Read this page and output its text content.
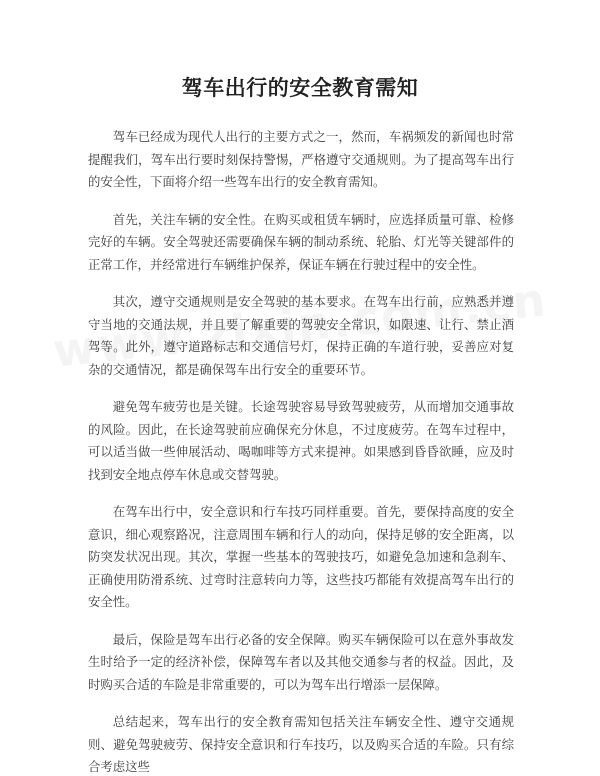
驾车出行的安全教育需知

驾车已经成为现代人出行的主要方式之一，然而，车祸频发的新闻也时常提醒我们，驾车出行要时刻保持警惕，严格遵守交通规则。为了提高驾车出行的安全性，下面将介绍一些驾车出行的安全教育需知。

首先，关注车辆的安全性。在购买或租赁车辆时，应选择质量可靠、检修完好的车辆。安全驾驶还需要确保车辆的制动系统、轮胎、灯光等关键部件的正常工作，并经常进行车辆维护保养，保证车辆在行驶过程中的安全性。

其次，遵守交通规则是安全驾驶的基本要求。在驾车出行前，应熟悉并遵守当地的交通法规，并且要了解重要的驾驶安全常识，如限速、让行、禁止酒驾等。此外，遵守道路标志和交通信号灯，保持正确的车道行驶，妥善应对复杂的交通情况，都是确保驾车出行安全的重要环节。

避免驾车疲劳也是关键。长途驾驶容易导致驾驶疲劳，从而增加交通事故的风险。因此，在长途驾驶前应确保充分休息，不过度疲劳。在驾车过程中，可以适当做一些伸展活动、喝咖啡等方式来提神。如果感到昏昏欲睡，应及时找到安全地点停车休息或交替驾驶。

在驾车出行中，安全意识和行车技巧同样重要。首先，要保持高度的安全意识，细心观察路况，注意周围车辆和行人的动向，保持足够的安全距离，以防突发状况出现。其次，掌握一些基本的驾驶技巧，如避免急加速和急刹车、正确使用防滑系统、过弯时注意转向力等，这些技巧都能有效提高驾车出行的安全性。

最后，保险是驾车出行必备的安全保障。购买车辆保险可以在意外事故发生时给予一定的经济补偿，保障驾车者以及其他交通参与者的权益。因此，及时购买合适的车险是非常重要的，可以为驾车出行增添一层保障。

总结起来，驾车出行的安全教育需知包括关注车辆安全性、遵守交通规则、避免驾驶疲劳、保持安全意识和行车技巧，以及购买合适的车险。只有综合考虑这些
